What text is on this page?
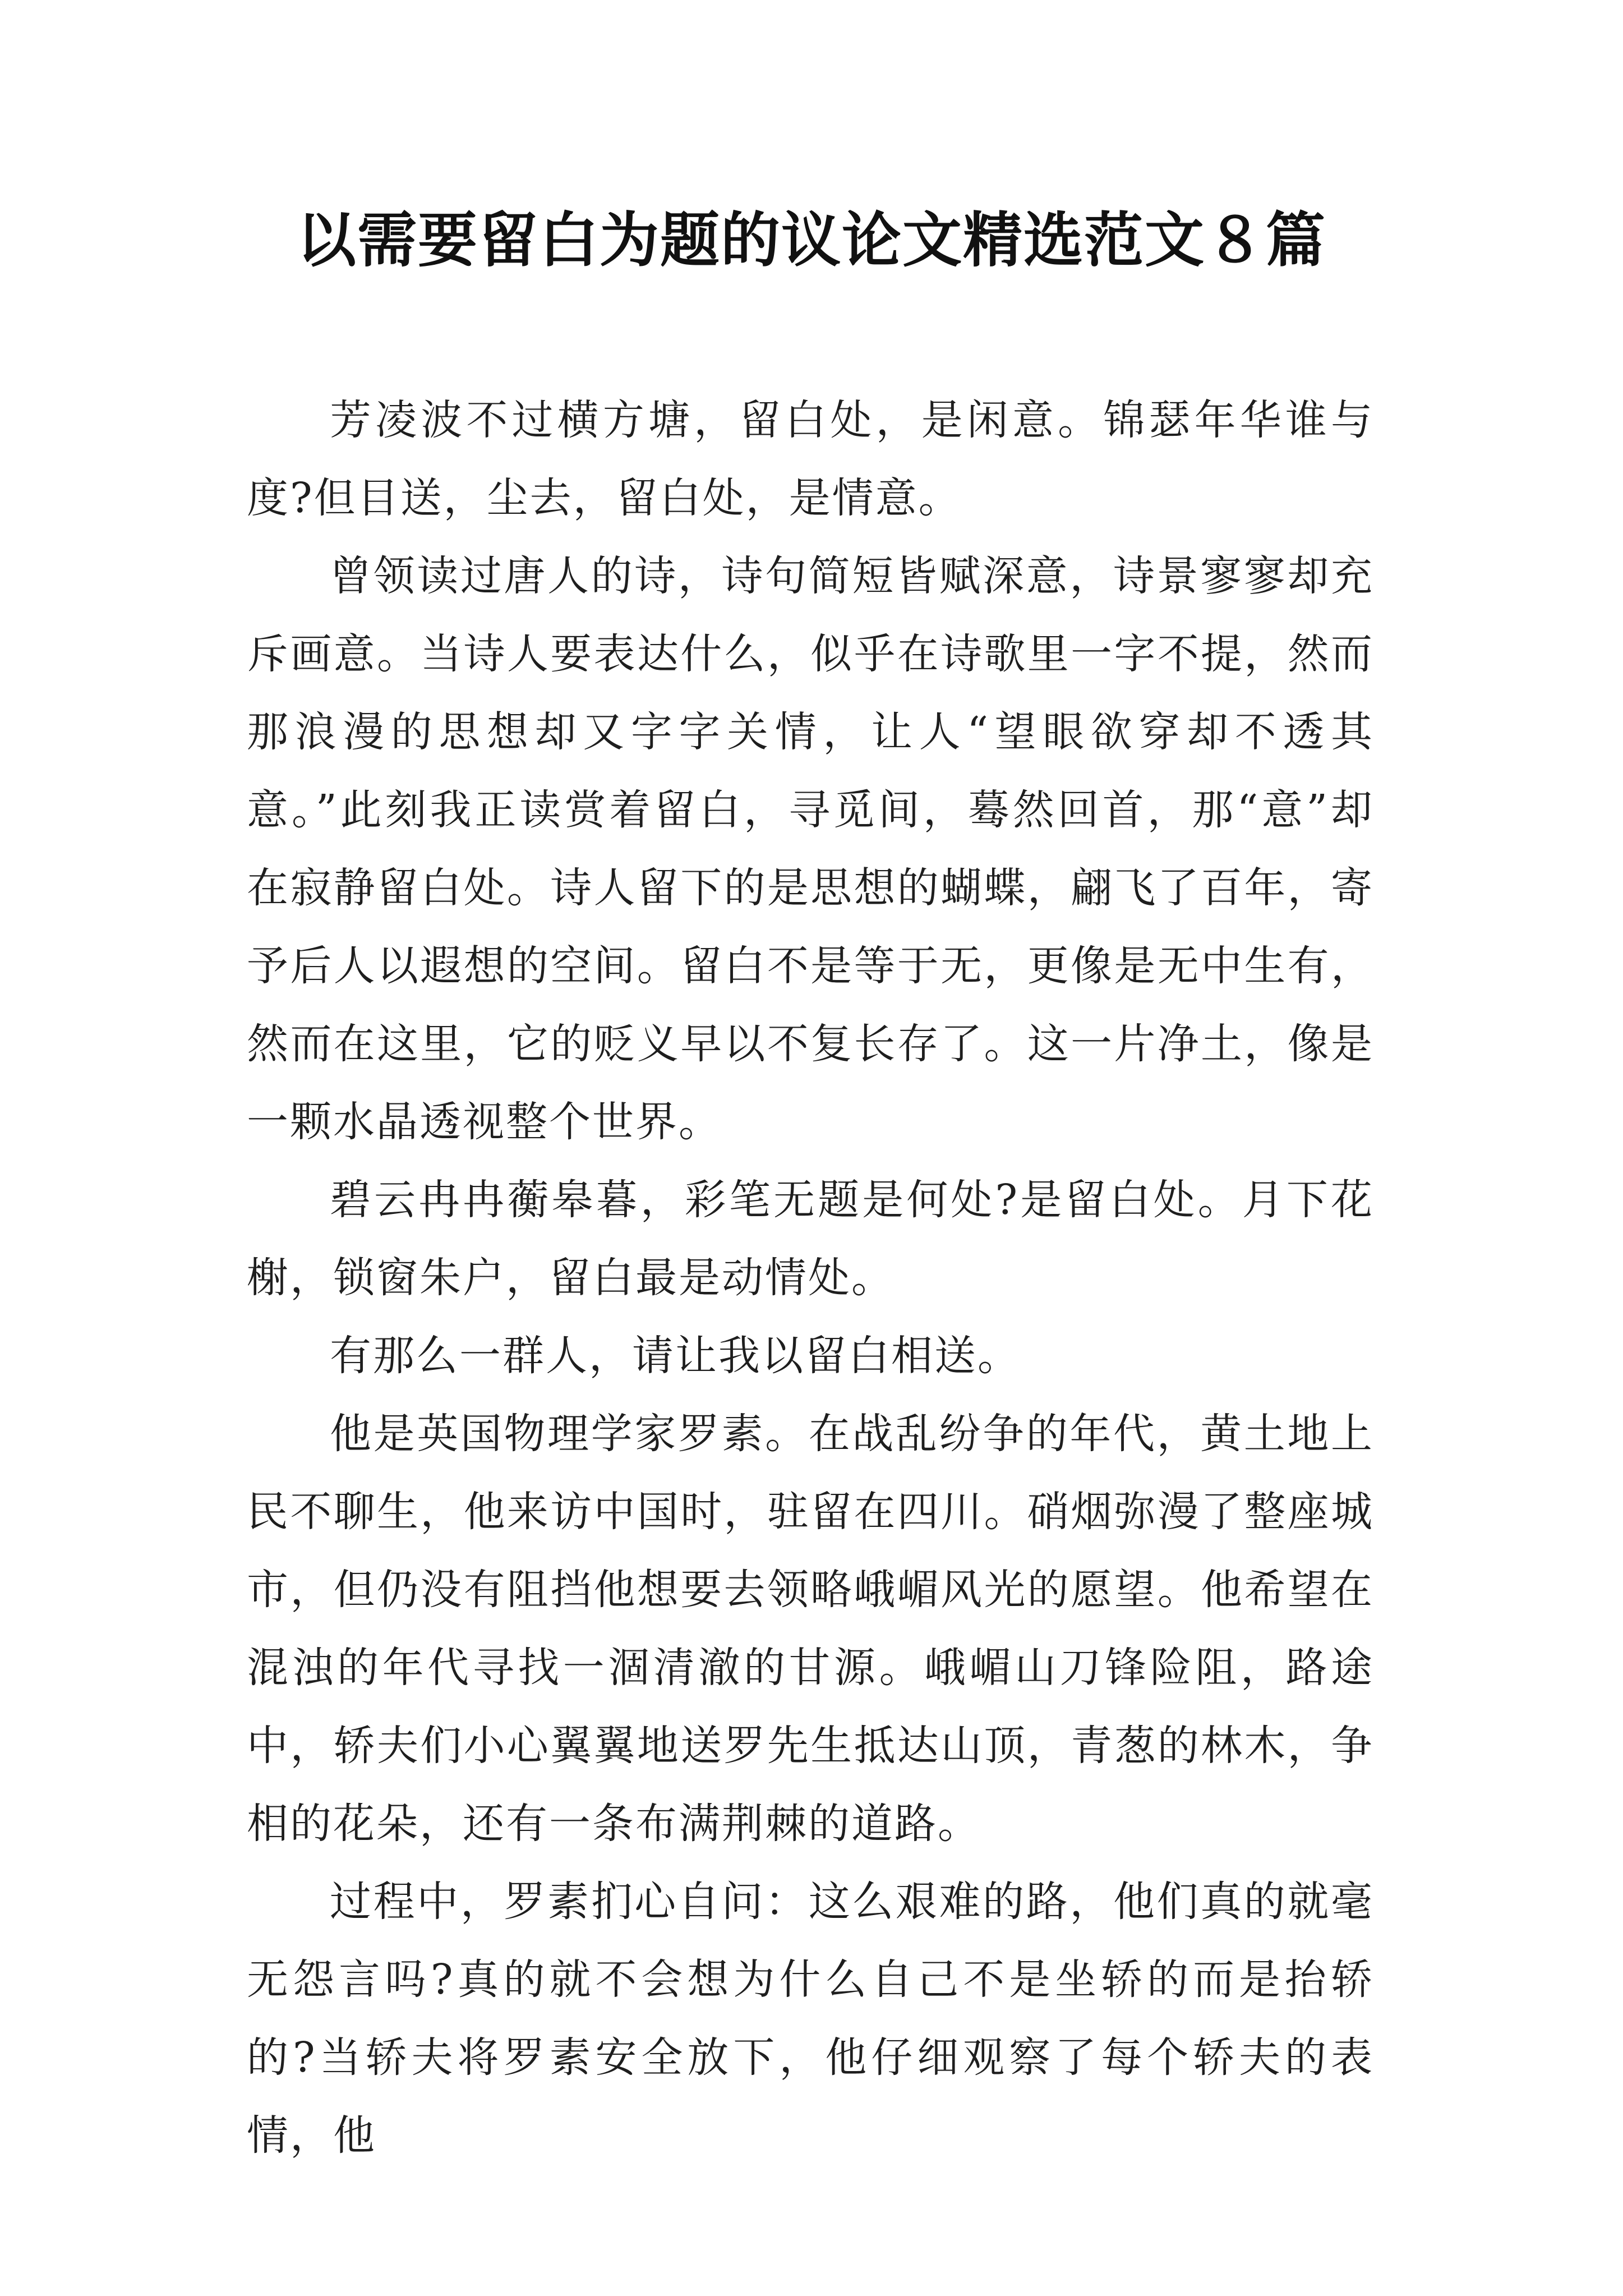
以需要留白为题的议论文精选范文８篇

芳凌波不过横方塘，留白处，是闲意。锦瑟年华谁与度?但目送，尘去，留白处，是情意。

曾领读过唐人的诗，诗句简短皆赋深意，诗景寥寥却充斥画意。当诗人要表达什么，似乎在诗歌里一字不提，然而那浪漫的思想却又字字关情，让人“望眼欲穿却不透其意。”此刻我正读赏着留白，寻觅间，蓦然回首，那“意”却在寂静留白处。诗人留下的是思想的蝴蝶，翩飞了百年，寄予后人以遐想的空间。留白不是等于无，更像是无中生有，然而在这里，它的贬义早以不复长存了。这一片净土，像是一颗水晶透视整个世界。

碧云冉冉蘅皋暮，彩笔无题是何处?是留白处。月下花榭，锁窗朱户，留白最是动情处。

有那么一群人，请让我以留白相送。

他是英国物理学家罗素。在战乱纷争的年代，黄土地上民不聊生，他来访中国时，驻留在四川。硝烟弥漫了整座城市，但仍没有阻挡他想要去领略峨嵋风光的愿望。他希望在混浊的年代寻找一涸清澈的甘源。峨嵋山刀锋险阻，路途中，轿夫们小心翼翼地送罗先生抵达山顶，青葱的林木，争相的花朵，还有一条布满荆棘的道路。

过程中，罗素扪心自问：这么艰难的路，他们真的就毫无怨言吗?真的就不会想为什么自己不是坐轿的而是抬轿的?当轿夫将罗素安全放下，他仔细观察了每个轿夫的表情，他
